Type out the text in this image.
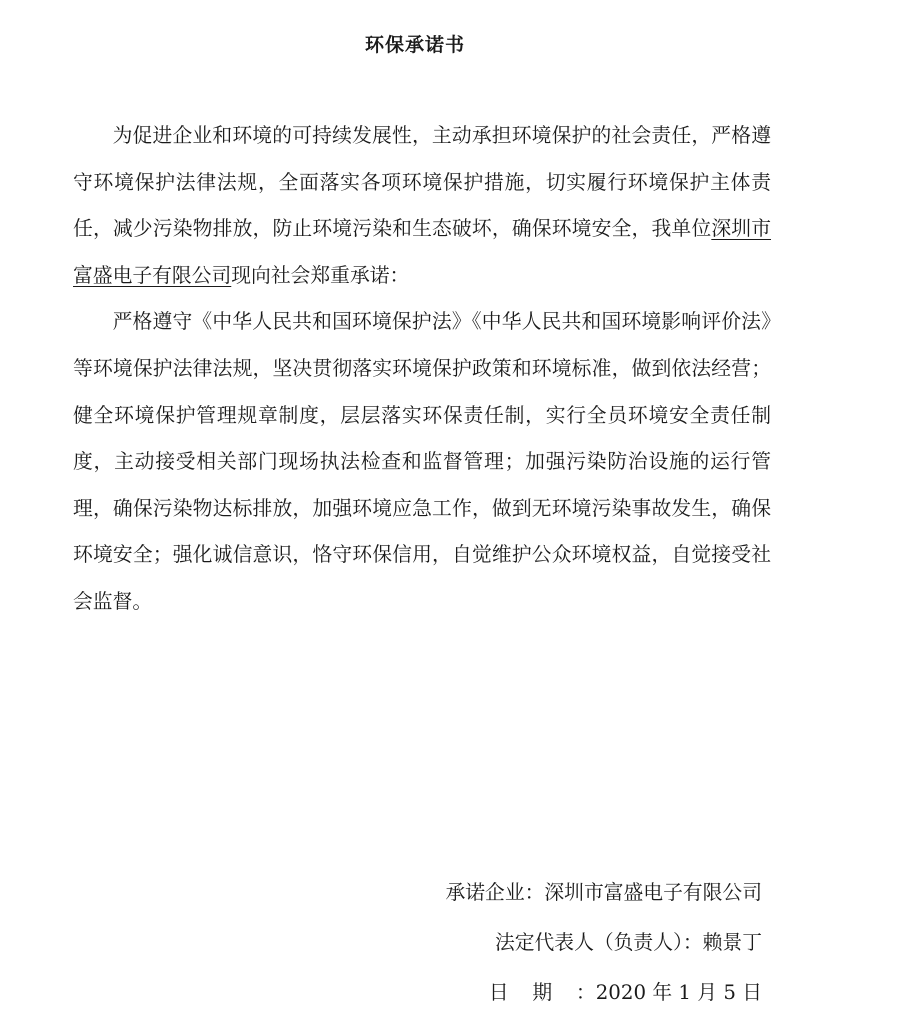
环保承诺书

为促进企业和环境的可持续发展性，主动承担环境保护的社会责任，严格遵守环境保护法律法规，全面落实各项环境保护措施，切实履行环境保护主体责任，减少污染物排放，防止环境污染和生态破坏，确保环境安全，我单位深圳市富盛电子有限公司现向社会郑重承诺：

严格遵守《中华人民共和国环境保护法》《中华人民共和国环境影响评价法》等环境保护法律法规，坚决贯彻落实环境保护政策和环境标准，做到依法经营；健全环境保护管理规章制度，层层落实环保责任制，实行全员环境安全责任制度，主动接受相关部门现场执法检查和监督管理；加强污染防治设施的运行管理，确保污染物达标排放，加强环境应急工作，做到无环境污染事故发生，确保环境安全；强化诚信意识，恪守环保信用，自觉维护公众环境权益，自觉接受社会监督。

承诺企业：深圳市富盛电子有限公司
法定代表人（负责人）：赖景丁
日期：2020 年 1 月 5 日
